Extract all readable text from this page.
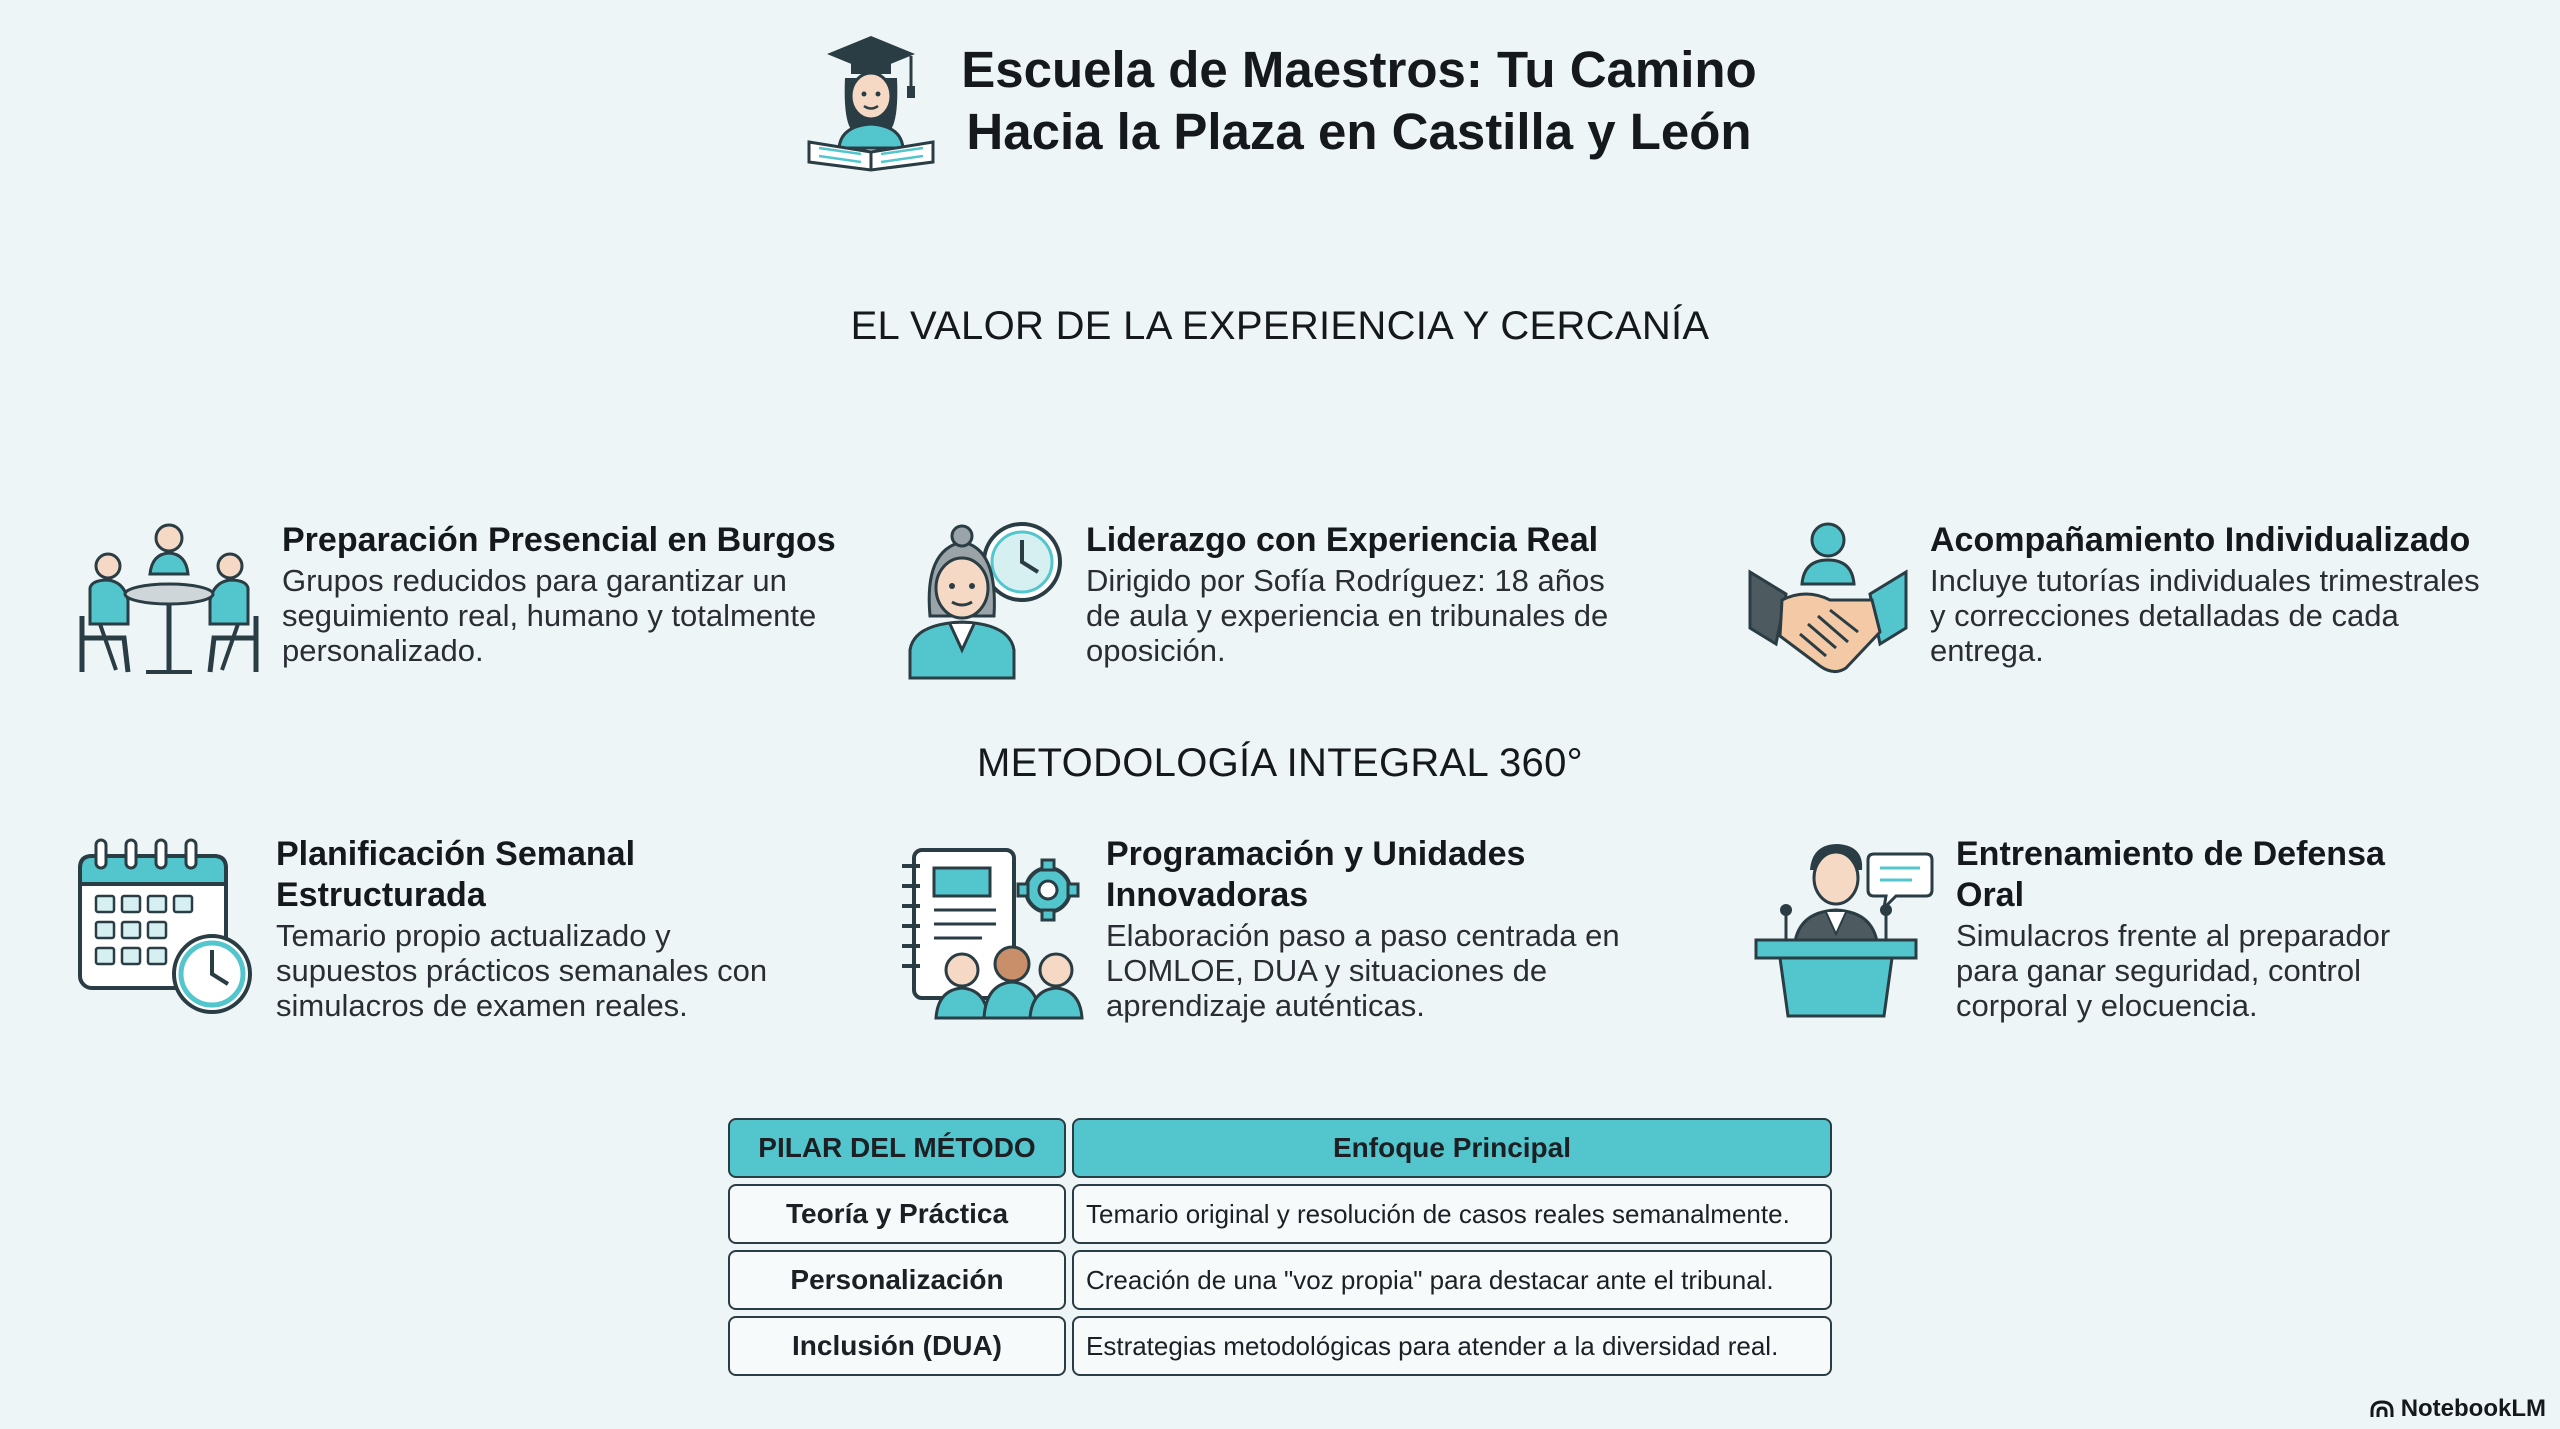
Escuela de Maestros: Tu Camino
Hacia la Plaza en Castilla y León
EL VALOR DE LA EXPERIENCIA Y CERCANÍA
Preparación Presencial en Burgos

Grupos reducidos para garantizar un seguimiento real, humano y totalmente personalizado.

Liderazgo con Experiencia Real

Dirigido por Sofía Rodríguez: 18 años de aula y experiencia en tribunales de oposición.

Acompañamiento Individualizado

Incluye tutorías individuales trimestrales y correcciones detalladas de cada entrega.

METODOLOGÍA INTEGRAL 360°
Planificación Semanal Estructurada

Temario propio actualizado y supuestos prácticos semanales con simulacros de examen reales.

Programación y Unidades Innovadoras

Elaboración paso a paso centrada en LOMLOE, DUA y situaciones de aprendizaje auténticas.

Entrenamiento de Defensa Oral

Simulacros frente al preparador para ganar seguridad, control corporal y elocuencia.

PILAR DEL MÉTODO	Enfoque Principal
Teoría y Práctica	Temario original y resolución de casos reales semanalmente.
Personalización	Creación de una "voz propia" para destacar ante el tribunal.
Inclusión (DUA)	Estrategias metodológicas para atender a la diversidad real.
NotebookLM
